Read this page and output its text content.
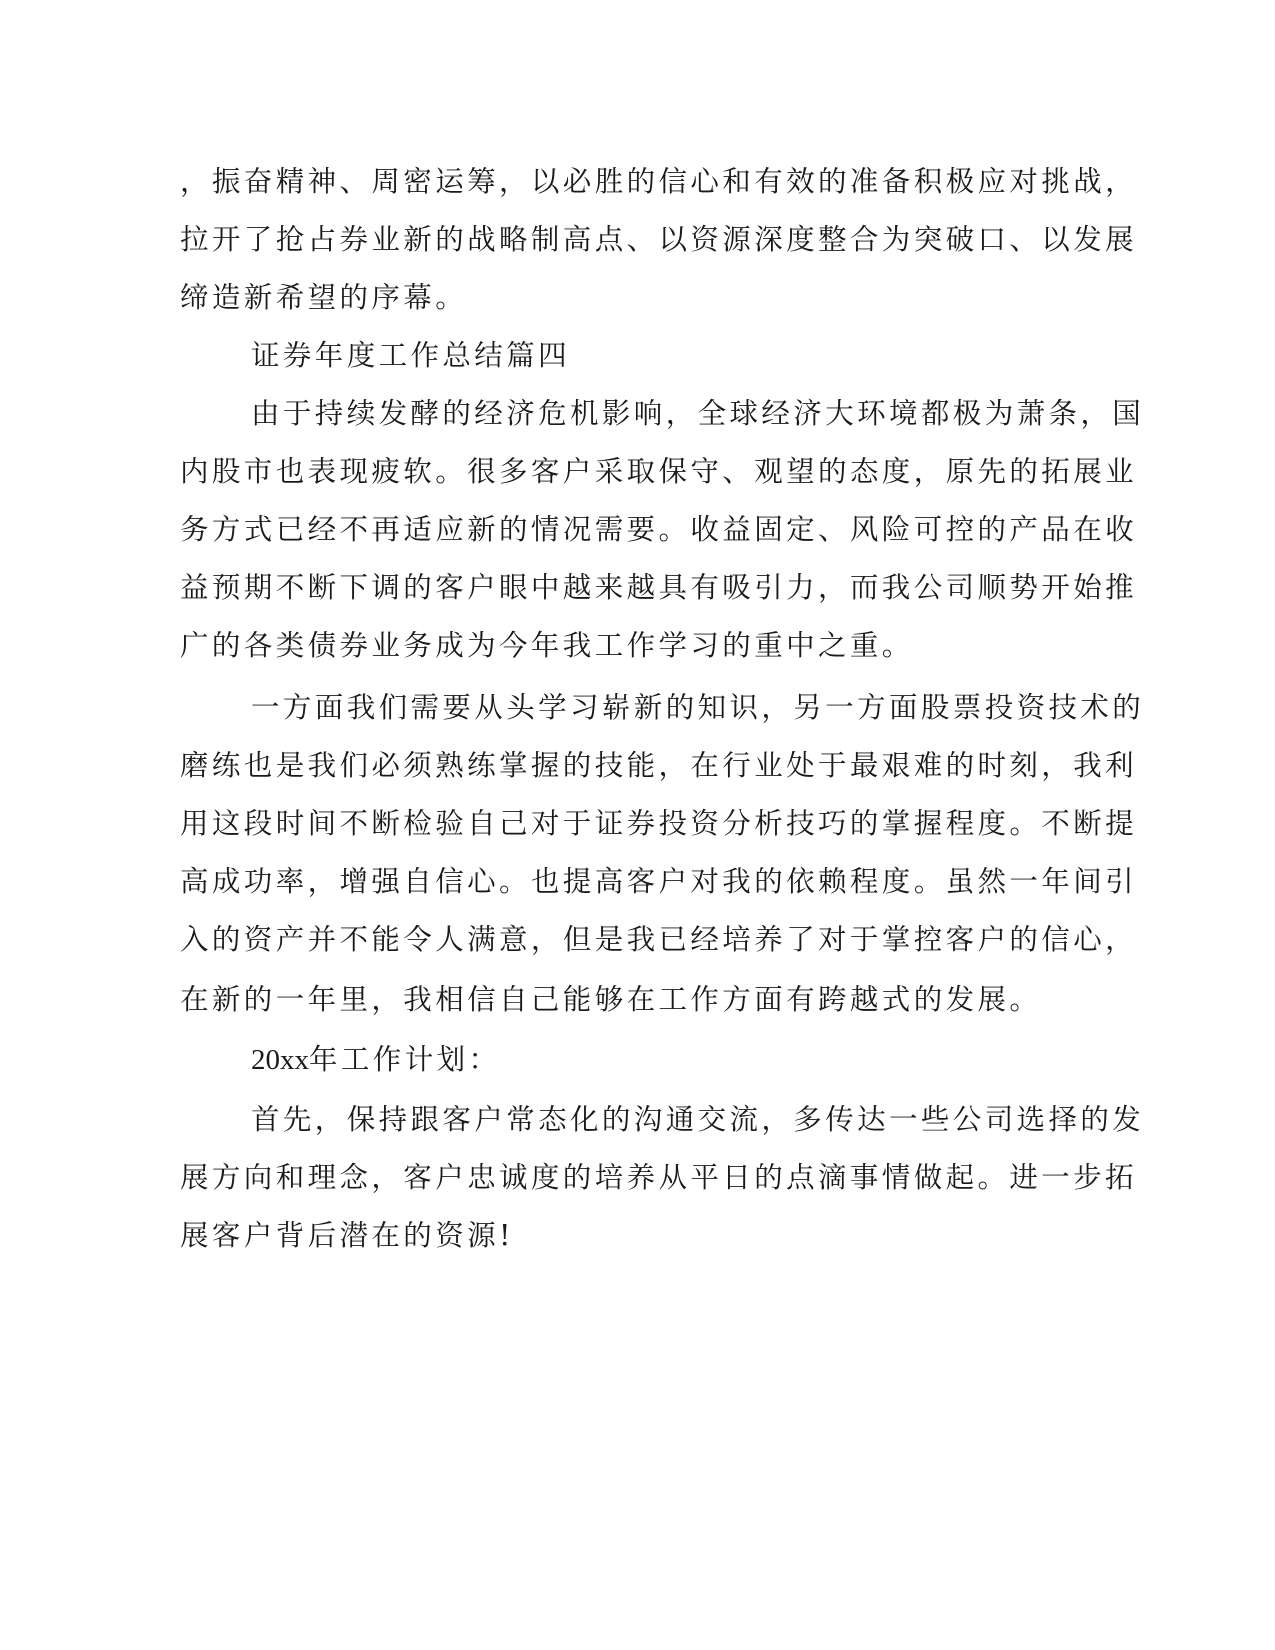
，振奋精神、周密运筹，以必胜的信心和有效的准备积极应对挑战，
拉开了抢占券业新的战略制高点、以资源深度整合为突破口、以发展
缔造新希望的序幕。
证券年度工作总结篇四
由于持续发酵的经济危机影响，全球经济大环境都极为萧条，国
内股市也表现疲软。很多客户采取保守、观望的态度，原先的拓展业
务方式已经不再适应新的情况需要。收益固定、风险可控的产品在收
益预期不断下调的客户眼中越来越具有吸引力，而我公司顺势开始推
广的各类债券业务成为今年我工作学习的重中之重。
一方面我们需要从头学习崭新的知识，另一方面股票投资技术的
磨练也是我们必须熟练掌握的技能，在行业处于最艰难的时刻，我利
用这段时间不断检验自己对于证券投资分析技巧的掌握程度。不断提
高成功率，增强自信心。也提高客户对我的依赖程度。虽然一年间引
入的资产并不能令人满意，但是我已经培养了对于掌控客户的信心，
在新的一年里，我相信自己能够在工作方面有跨越式的发展。
20xx年工作计划：
首先，保持跟客户常态化的沟通交流，多传达一些公司选择的发
展方向和理念，客户忠诚度的培养从平日的点滴事情做起。进一步拓
展客户背后潜在的资源!
